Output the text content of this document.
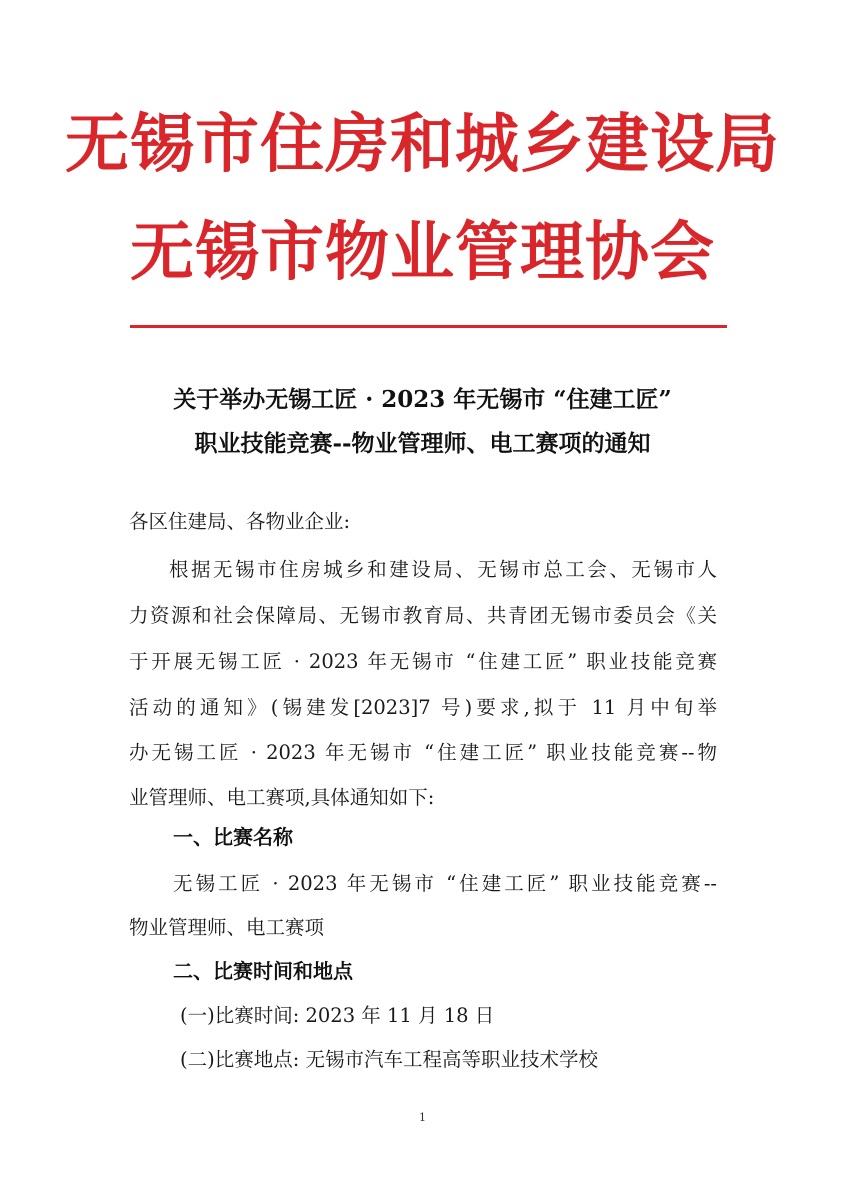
无锡市住房和城乡建设局
无锡市物业管理协会
关于举办无锡工匠 · 2023 年无锡市 “住建工匠”
职业技能竞赛--物业管理师、电工赛项的通知
各区住建局、各物业企业:
根据无锡市住房城乡和建设局、无锡市总工会、无锡市人
力资源和社会保障局、无锡市教育局、共青团无锡市委员会《关
于开展无锡工匠 · 2023 年无锡市 “住建工匠” 职业技能竞赛
活动的通知》(锡建发[2023]7 号)要求,拟于 11 月中旬举
办无锡工匠 · 2023 年无锡市 “住建工匠” 职业技能竞赛--物
业管理师、电工赛项,具体通知如下:
一、比赛名称
无锡工匠 · 2023 年无锡市 “住建工匠” 职业技能竞赛--
物业管理师、电工赛项
二、比赛时间和地点
(一)比赛时间: 2023 年 11 月 18 日
(二)比赛地点: 无锡市汽车工程高等职业技术学校
1
